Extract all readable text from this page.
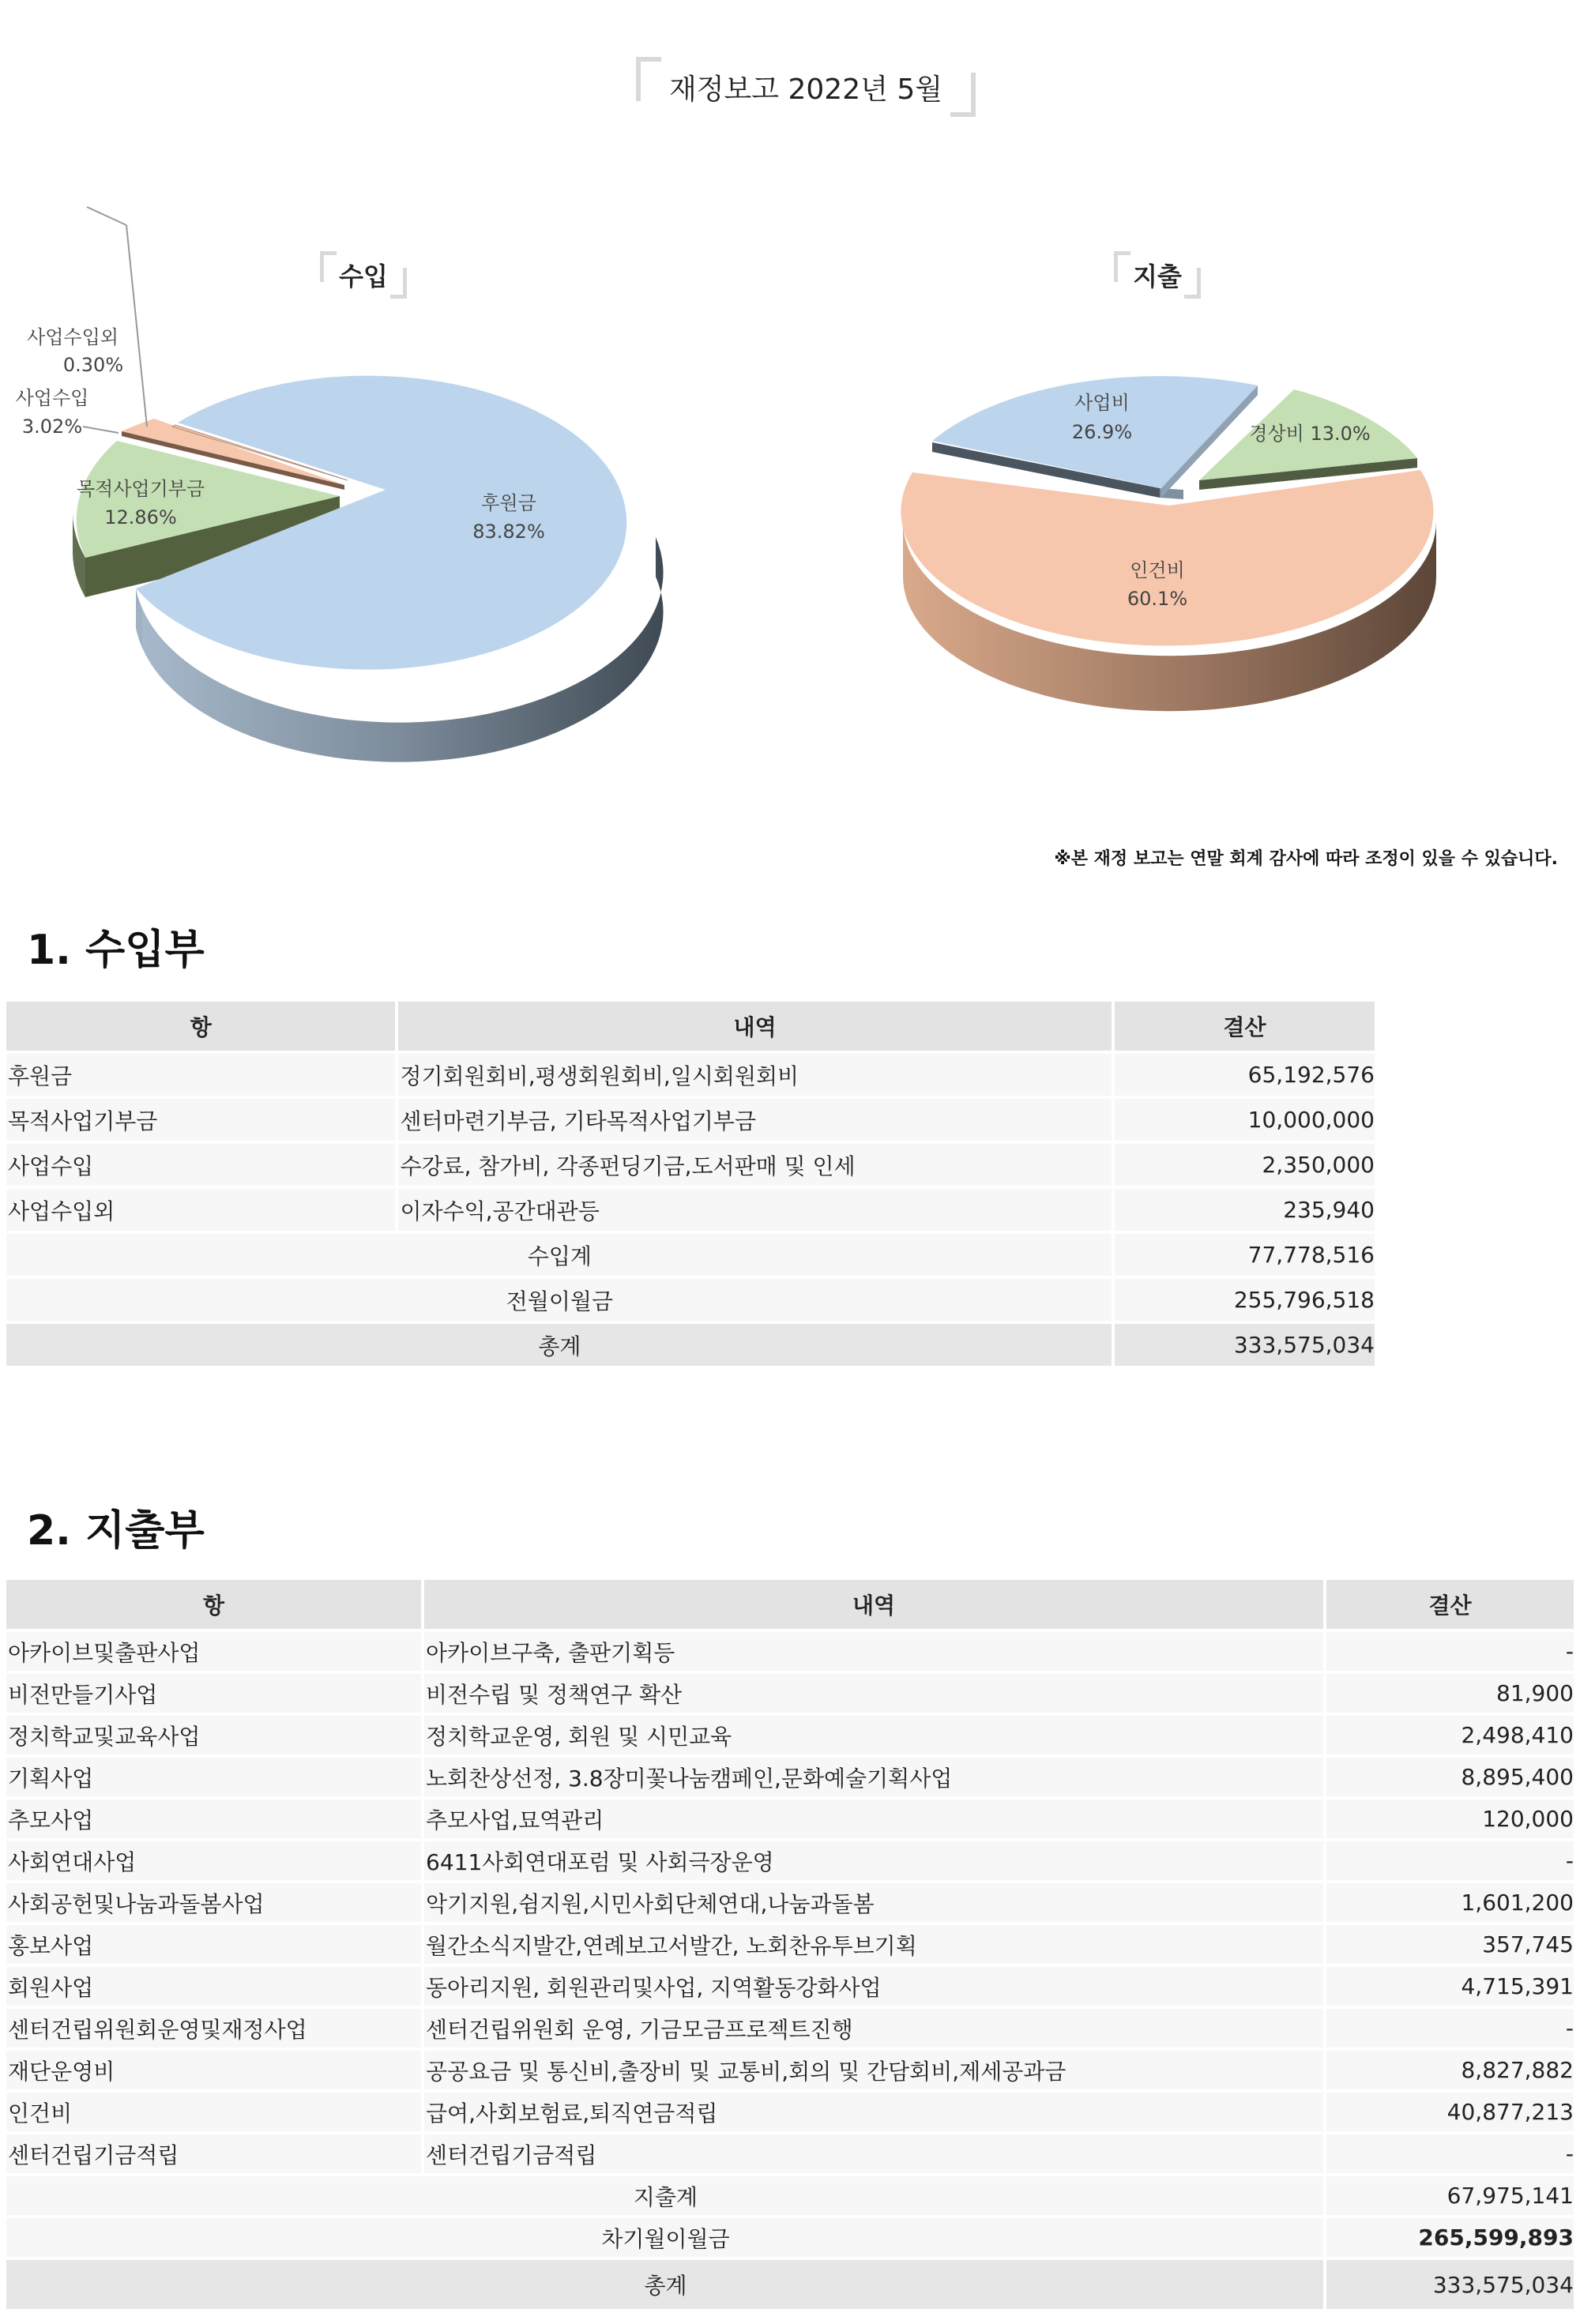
재정보고 2022년 5월
수입	지출
사업수입외
0.30%
사업수입
3.02%
목적사업기부금
12.86%
후원금
83.82%
사업비
26.9%	경상비 13.0%
인건비
60.1%
※본 재정 보고는 연말 회계 감사에 따라 조정이 있을 수 있습니다.
1. 수입부
항	내역	결산
후원금	정기회원회비,평생회원회비,일시회원회비	65,192,576
목적사업기부금	센터마련기부금, 기타목적사업기부금	10,000,000
사업수입	수강료, 참가비, 각종펀딩기금,도서판매 및 인세	2,350,000
사업수입외	이자수익,공간대관등	235,940
수입계		77,778,516
전월이월금		255,796,518
총계		333,575,034
2. 지출부
항	내역	결산
아카이브및출판사업	아카이브구축, 출판기획등	-
비전만들기사업	비전수립 및 정책연구 확산	81,900
정치학교및교육사업	정치학교운영, 회원 및 시민교육	2,498,410
기획사업	노회찬상선정, 3.8장미꽃나눔캠페인,문화예술기획사업	8,895,400
추모사업	추모사업,묘역관리	120,000
사회연대사업	6411사회연대포럼 및 사회극장운영	-
사회공헌및나눔과돌봄사업	악기지원,쉼지원,시민사회단체연대,나눔과돌봄	1,601,200
홍보사업	월간소식지발간,연례보고서발간, 노회찬유투브기획	357,745
회원사업	동아리지원, 회원관리및사업, 지역활동강화사업	4,715,391
센터건립위원회운영및재정사업	센터건립위원회 운영, 기금모금프로젝트진행	-
재단운영비	공공요금 및 통신비,출장비 및 교통비,회의 및 간담회비,제세공과금	8,827,882
인건비	급여,사회보험료,퇴직연금적립	40,877,213
센터건립기금적립	센터건립기금적립	-
지출계		67,975,141
차기월이월금		265,599,893
총계		333,575,034
